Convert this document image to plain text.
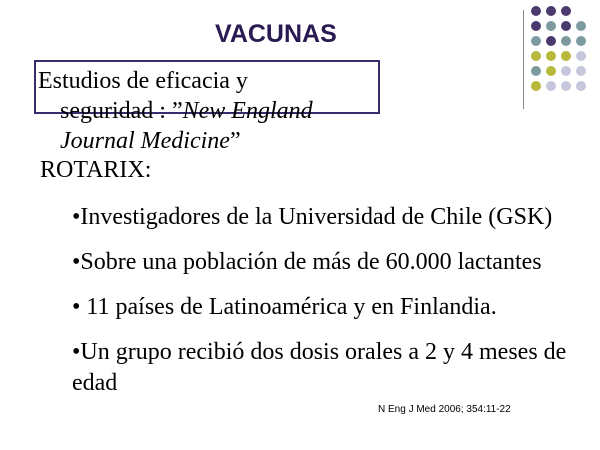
VACUNAS
Estudios de eficacia y
seguridad : ”New England
Journal Medicine”
ROTARIX:
•Investigadores de la Universidad de Chile (GSK)
•Sobre una población de más de 60.000 lactantes
• 11 países de Latinoamérica y en Finlandia.
•Un grupo recibió dos dosis orales a 2 y 4 meses de edad
N Eng J Med 2006; 354:11-22
